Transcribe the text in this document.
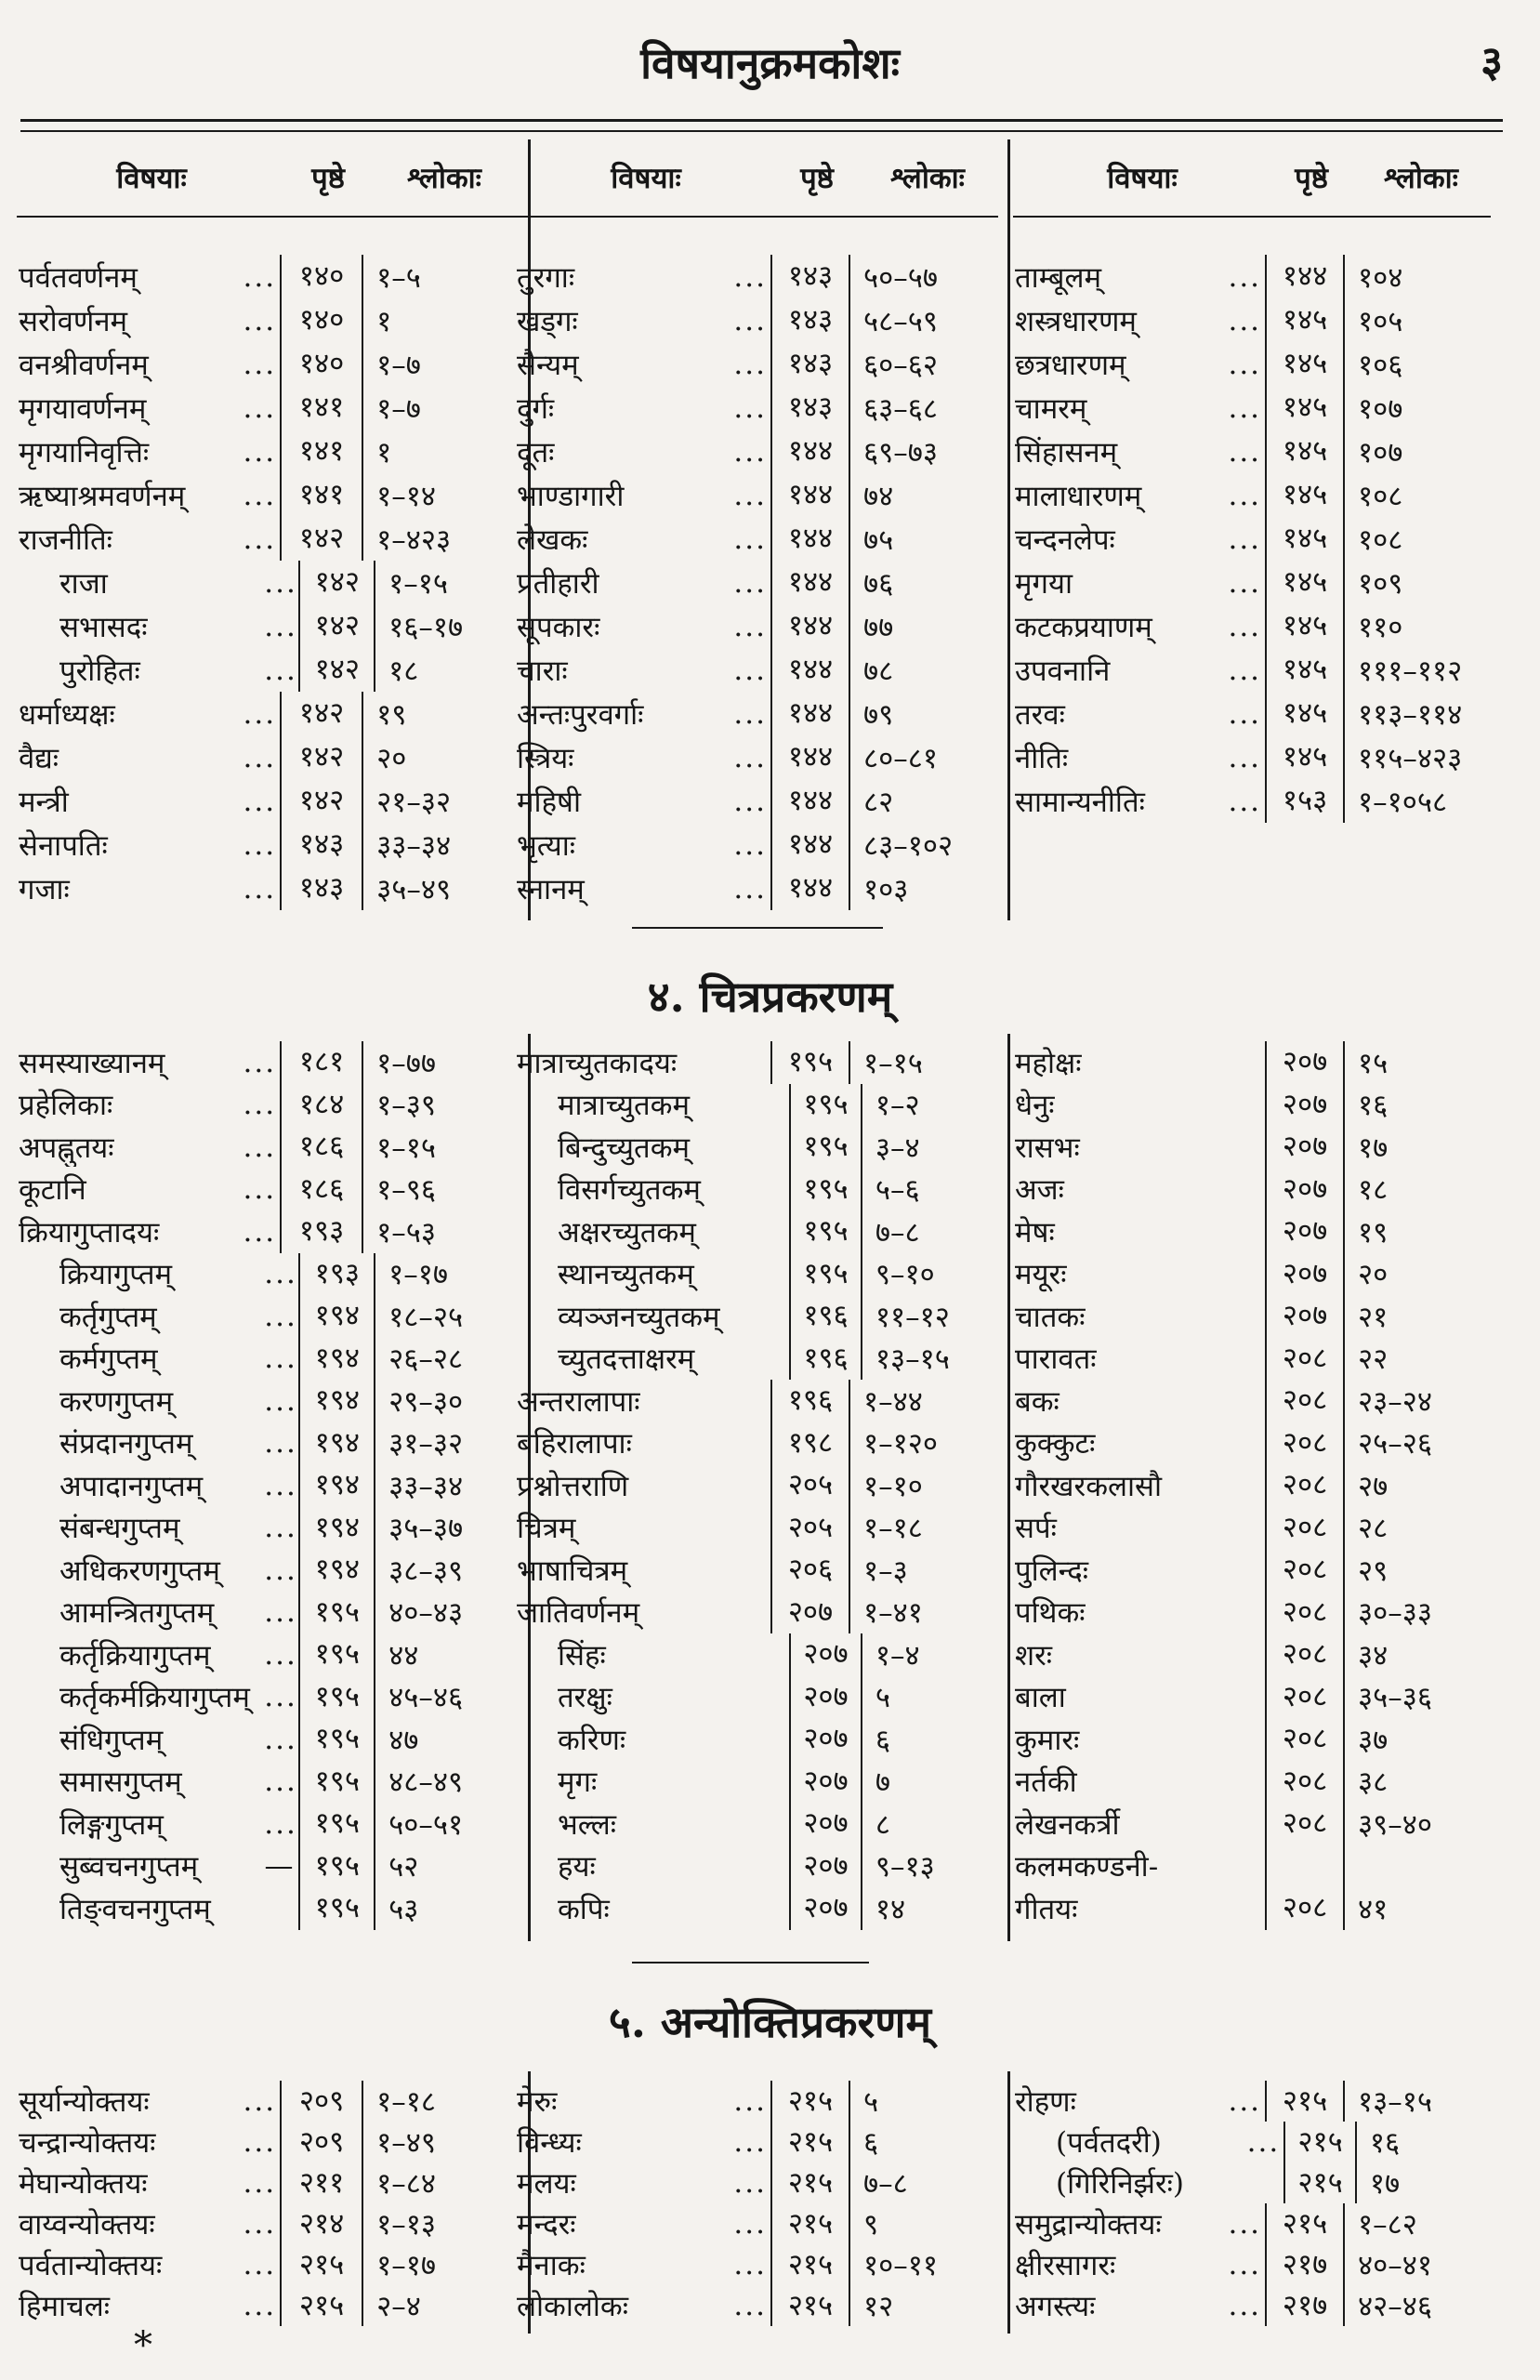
विषयानुक्रमकोशः	३
विषयाः	पृष्ठे	श्लोकाः
पर्वतवर्णनम्	... १४०	१–५
सरोवर्णनम्	... १४०	१
वनश्रीवर्णनम्	... १४०	१–७
मृगयावर्णनम्	... १४१	१–७
मृगयानिवृत्तिः	... १४१	१
ऋष्याश्रमवर्णनम्	... १४१	१–१४
राजनीतिः	... १४२	१–४२३
राजा	... १४२	१–१५
सभासदः	... १४२	१६–१७
पुरोहितः	... १४२	१८
धर्माध्यक्षः	... १४२	१९
वैद्यः	... १४२	२०
मन्त्री	... १४२	२१–३२
सेनापतिः	... १४३	३३–३४
गजाः	... १४३	३५–४९
विषयाः	पृष्ठे	श्लोकाः
तुरगाः	... १४३	५०–५७
खड्गः	... १४३	५८–५९
सैन्यम्	... १४३	६०–६२
दुर्गः	... १४३	६३–६८
दूतः	... १४४	६९–७३
भाण्डागारी	... १४४	७४
लेखकः	... १४४	७५
प्रतीहारी	... १४४	७६
सूपकारः	... १४४	७७
चाराः	... १४४	७८
अन्तःपुरवर्गाः	... १४४	७९
स्त्रियः	... १४४	८०–८१
महिषी	... १४४	८२
भृत्याः	... १४४	८३–१०२
स्नानम्	... १४४	१०३
विषयाः	पृष्ठे	श्लोकाः
ताम्बूलम्	... १४४	१०४
शस्त्रधारणम्	... १४५	१०५
छत्रधारणम्	... १४५	१०६
चामरम्	... १४५	१०७
सिंहासनम्	... १४५	१०७
मालाधारणम्	... १४५	१०८
चन्दनलेपः	... १४५	१०८
मृगया	... १४५	१०९
कटकप्रयाणम्	... १४५	११०
उपवनानि	... १४५	१११–११२
तरवः	... १४५	११३–११४
नीतिः	... १४५	११५–४२३
सामान्यनीतिः	... १५३	१–१०५८
४. चित्रप्रकरणम्
समस्याख्यानम्	... १८१	१–७७
प्रहेलिकाः	... १८४	१–३९
अपह्नुतयः	... १८६	१–१५
कूटानि	... १८६	१–९६
क्रियागुप्तादयः	... १९३	१–५३
क्रियागुप्तम्	... १९३	१–१७
कर्तृगुप्तम्	... १९४	१८–२५
कर्मगुप्तम्	... १९४	२६–२८
करणगुप्तम्	... १९४	२९–३०
संप्रदानगुप्तम्	... १९४	३१–३२
अपादानगुप्तम्	... १९४	३३–३४
संबन्धगुप्तम्	... १९४	३५–३७
अधिकरणगुप्तम्	... १९४	३८–३९
आमन्त्रितगुप्तम्	... १९५	४०–४३
कर्तृक्रियागुप्तम्	... १९५	४४
कर्तृकर्मक्रियागुप्तम् ... १९५	४५–४६
संधिगुप्तम्	... १९५	४७
समासगुप्तम्	... १९५	४८–४९
लिङ्गगुप्तम्	... १९५	५०–५१
सुब्वचनगुप्तम्	— १९५	५२
तिङ्वचनगुप्तम्	१९५	५३
मात्राच्युतकादयः	१९५	१–१५
मात्राच्युतकम्	१९५ १–२
बिन्दुच्युतकम्	१९५ ३–४
विसर्गच्युतकम्	१९५ ५–६
अक्षरच्युतकम्	१९५ ७–८
स्थानच्युतकम्	१९५ ९–१०
व्यञ्जनच्युतकम्	१९६ ११–१२
च्युतदत्ताक्षरम्	१९६ १३–१५
अन्तरालापाः	१९६	१–४४
बहिरालापाः	१९८	१–१२०
प्रश्नोत्तराणि	२०५	१–१०
चित्रम्	२०५	१–१८
भाषाचित्रम्	२०६	१–३
जातिवर्णनम्	२०७	१–४१
सिंहः	२०७ १–४
तरक्षुः	२०७ ५
करिणः	२०७ ६
मृगः	२०७ ७
भल्लः	२०७ ८
हयः	२०७ ९–१३
कपिः	२०७ १४
महोक्षः	२०७	१५
धेनुः	२०७	१६
रासभः	२०७	१७
अजः	२०७	१८
मेषः	२०७	१९
मयूरः	२०७	२०
चातकः	२०७	२१
पारावतः	२०८	२२
बकः	२०८	२३–२४
कुक्कुटः	२०८	२५–२६
गौरखरकलासौ	२०८	२७
सर्पः	२०८	२८
पुलिन्दः	२०८	२९
पथिकः	२०८	३०–३३
शरः	२०८	३४
बाला	२०८	३५–३६
कुमारः	२०८	३७
नर्तकी	२०८	३८
लेखनकर्त्री	२०८	३९–४०
कलमकण्डनी-
गीतयः	२०८	४१
५. अन्योक्तिप्रकरणम्
सूर्यान्योक्तयः	... २०९	१–१८
चन्द्रान्योक्तयः	... २०९	१–४९
मेघान्योक्तयः	... २११	१–८४
वाय्वन्योक्तयः	... २१४	१–१३
पर्वतान्योक्तयः	... २१५	१–१७
हिमाचलः	... २१५	२–४
मेरुः	... २१५	५
विन्ध्यः	... २१५	६
मलयः	... २१५	७–८
मन्दरः	... २१५	९
मैनाकः	... २१५	१०–११
लोकालोकः	... २१५	१२
रोहणः	... २१५	१३–१५
(पर्वतदरी)	... २१५ १६
(गिरिनिर्झरः)	२१५ १७
समुद्रान्योक्तयः	... २१५	१–८२
क्षीरसागरः	... २१७	४०–४१
अगस्त्यः	... २१७	४२–४६
*
